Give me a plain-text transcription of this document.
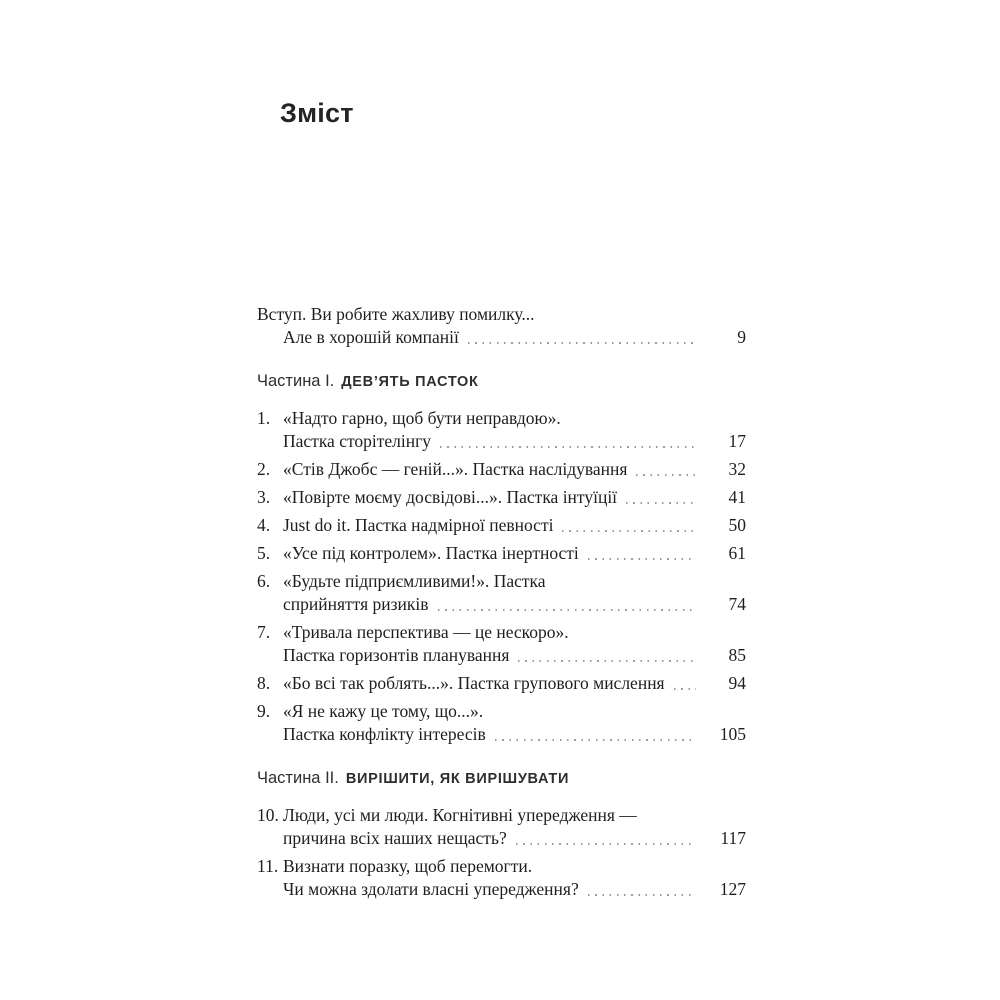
Зміст
Вступ. Ви робите жахливу помилку...
Але в хорошій компанії	9
Частина I. ДЕВ’ЯТЬ ПАСТОК
1. «Надто гарно, щоб бути неправдою».
Пастка сторітелінгу	17
2. «Стів Джобс — геній...». Пастка наслідування	32
3. «Повірте моєму досвідові...». Пастка інтуїції	41
4. Just do it. Пастка надмірної певності	50
5. «Усе під контролем». Пастка інертності	61
6. «Будьте підприємливими!». Пастка
сприйняття ризиків	74
7. «Тривала перспектива — це нескоро».
Пастка горизонтів планування	85
8. «Бо всі так роблять...». Пастка групового мислення	94
9. «Я не кажу це тому, що...».
Пастка конфлікту інтересів	105
Частина II. ВИРІШИТИ, ЯК ВИРІШУВАТИ
10. Люди, усі ми люди. Когнітивні упередження —
причина всіх наших нещасть?	117
11. Визнати поразку, щоб перемогти.
Чи можна здолати власні упередження?	127
